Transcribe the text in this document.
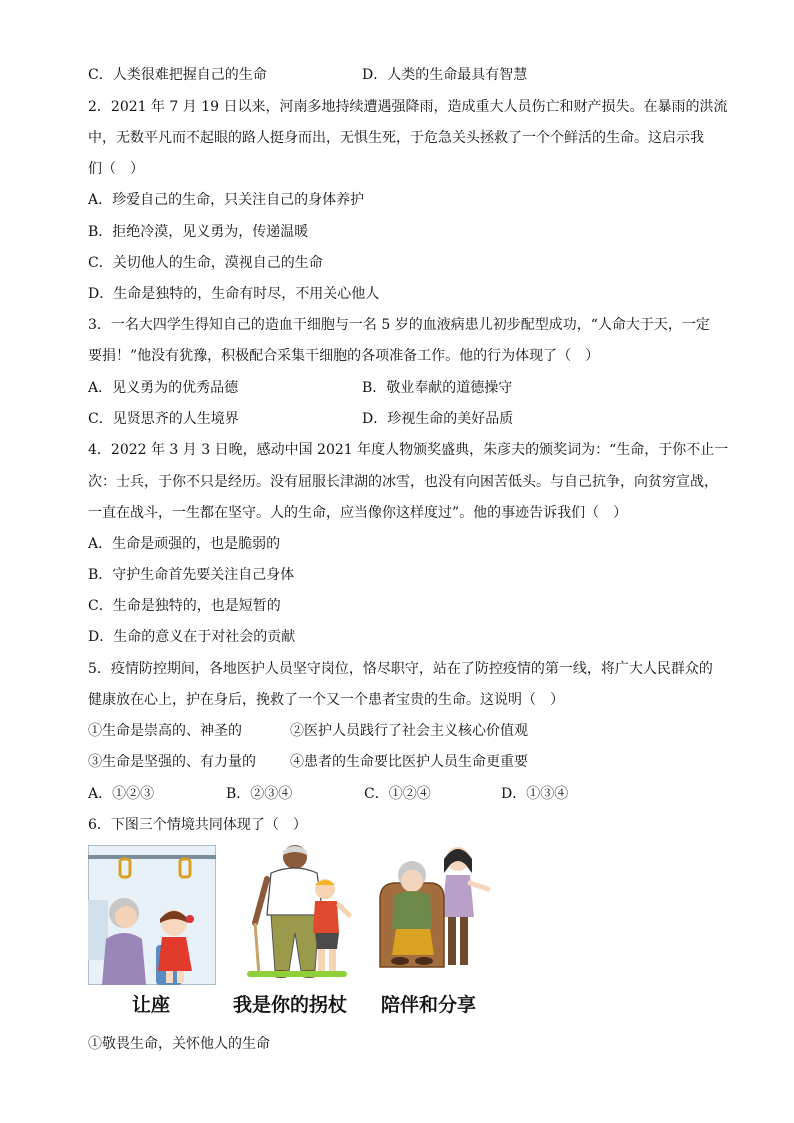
C．人类很难把握自己的生命	D．人类的生命最具有智慧
2．2021 年 7 月 19 日以来，河南多地持续遭遇强降雨，造成重大人员伤亡和财产损失。在暴雨的洪流
中，无数平凡而不起眼的路人挺身而出，无惧生死，于危急关头拯救了一个个鲜活的生命。这启示我
们（　）
A．珍爱自己的生命，只关注自己的身体养护
B．拒绝冷漠，见义勇为，传递温暖
C．关切他人的生命，漠视自己的生命
D．生命是独特的，生命有时尽，不用关心他人
3．一名大四学生得知自己的造血干细胞与一名 5 岁的血液病患儿初步配型成功，“人命大于天，一定
要捐！”他没有犹豫，积极配合采集干细胞的各项准备工作。他的行为体现了（　）
A．见义勇为的优秀品德	B．敬业奉献的道德操守
C．见贤思齐的人生境界	D．珍视生命的美好品质
4．2022 年 3 月 3 日晚，感动中国 2021 年度人物颁奖盛典，朱彦夫的颁奖词为：“生命，于你不止一
次：士兵，于你不只是经历。没有屈服长津湖的冰雪，也没有向困苦低头。与自己抗争，向贫穷宣战，
一直在战斗，一生都在坚守。人的生命，应当像你这样度过”。他的事迹告诉我们（　）
A．生命是顽强的，也是脆弱的
B．守护生命首先要关注自己身体
C．生命是独特的，也是短暂的
D．生命的意义在于对社会的贡献
5．疫情防控期间，各地医护人员坚守岗位，恪尽职守，站在了防控疫情的第一线，将广大人民群众的
健康放在心上，护在身后，挽救了一个又一个患者宝贵的生命。这说明（　）
①生命是崇高的、神圣的	②医护人员践行了社会主义核心价值观
③生命是坚强的、有力量的 ④患者的生命要比医护人员生命更重要
A．①②③	B．②③④	C．①②④	D．①③④
6．下图三个情境共同体现了（　）
让座	我是你的拐杖 陪伴和分享
①敬畏生命，关怀他人的生命
